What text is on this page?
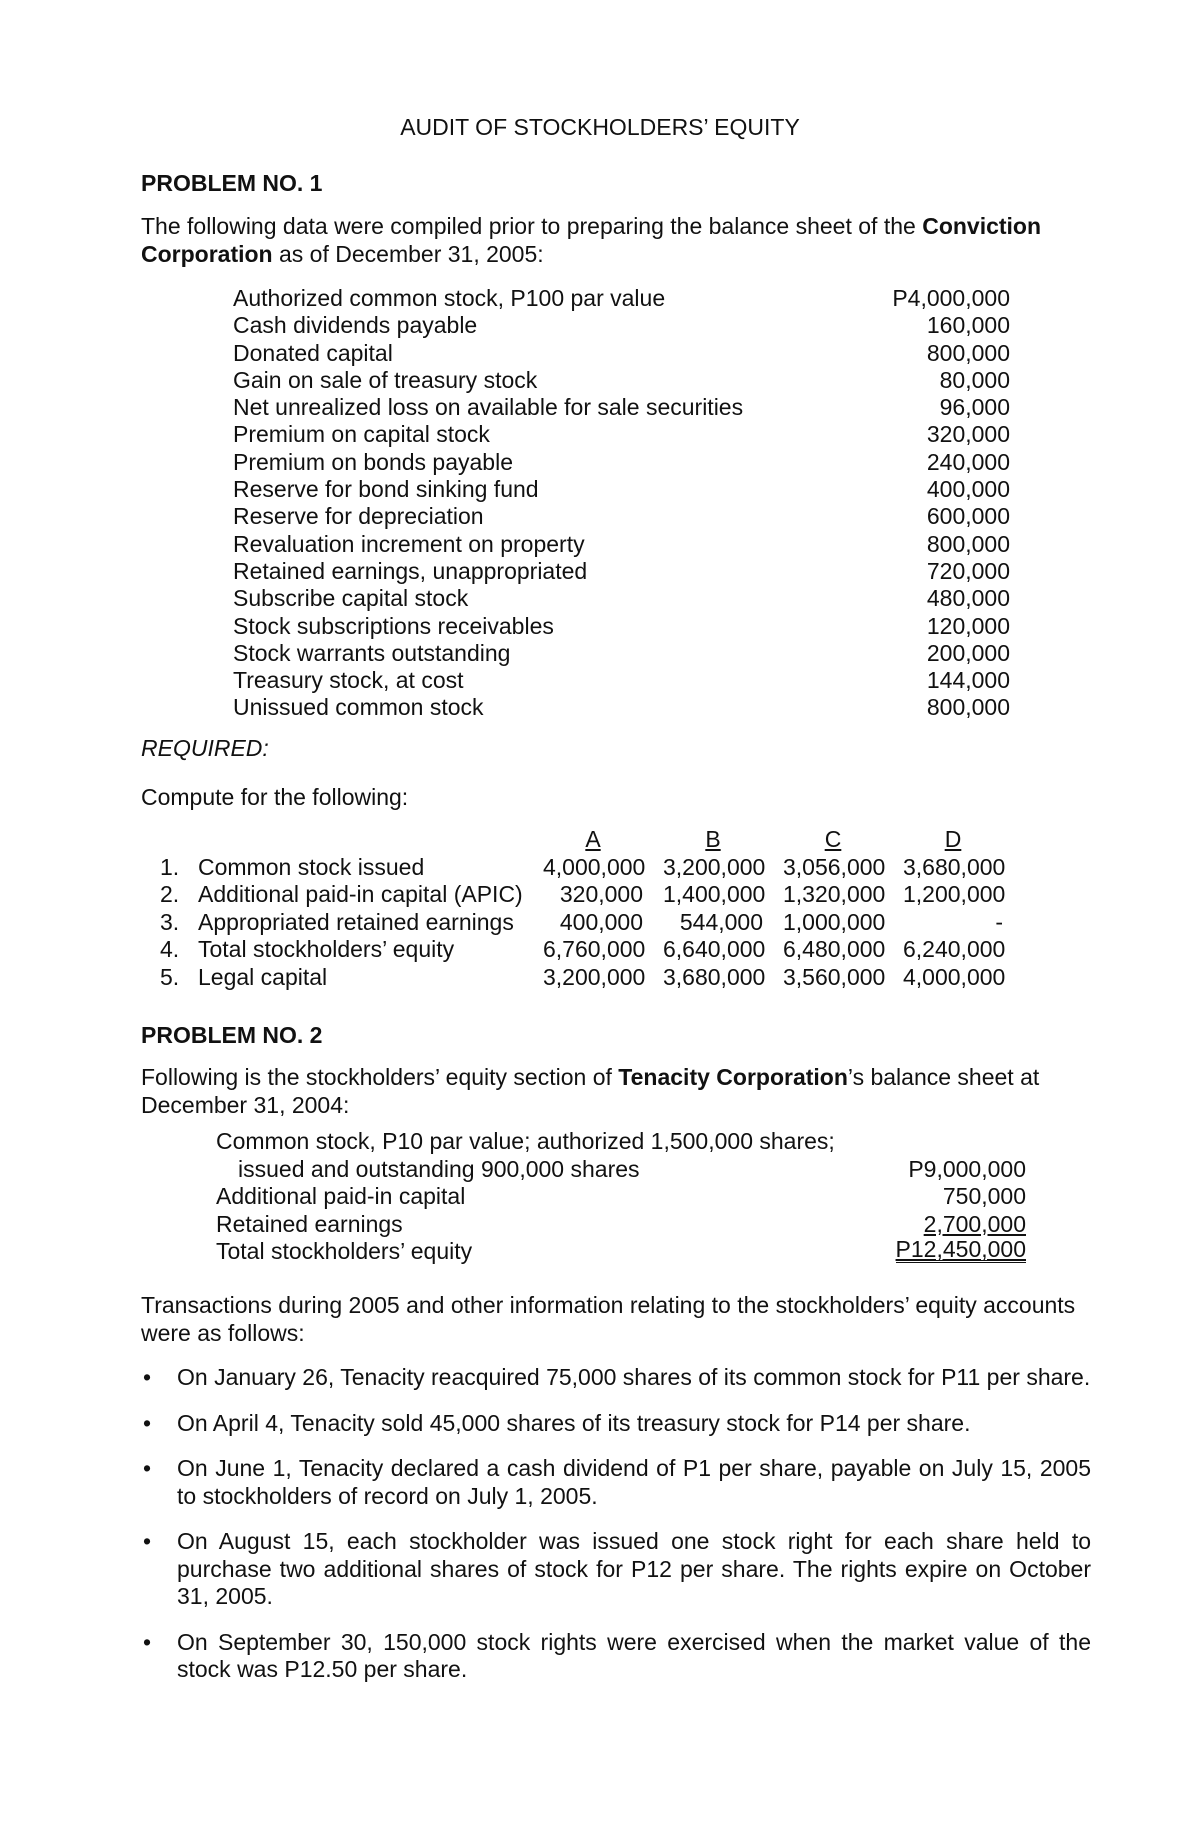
AUDIT OF STOCKHOLDERS’ EQUITY
PROBLEM NO. 1
The following data were compiled prior to preparing the balance sheet of the Conviction Corporation as of December 31, 2005:
Authorized common stock, P100 par value	P4,000,000
Cash dividends payable	160,000
Donated capital	800,000
Gain on sale of treasury stock	80,000
Net unrealized loss on available for sale securities	96,000
Premium on capital stock	320,000
Premium on bonds payable	240,000
Reserve for bond sinking fund	400,000
Reserve for depreciation	600,000
Revaluation increment on property	800,000
Retained earnings, unappropriated	720,000
Subscribe capital stock	480,000
Stock subscriptions receivables	120,000
Stock warrants outstanding	200,000
Treasury stock, at cost	144,000
Unissued common stock	800,000
REQUIRED:
Compute for the following:
A	B	C	D
1. Common stock issued	4,000,000 3,200,000 3,056,000 3,680,000
2. Additional paid-in capital (APIC)	320,000 1,400,000 1,320,000 1,200,000
3. Appropriated retained earnings	400,000	544,000 1,000,000	-
4. Total stockholders’ equity	6,760,000 6,640,000 6,480,000 6,240,000
5. Legal capital	3,200,000 3,680,000 3,560,000 4,000,000
PROBLEM NO. 2
Following is the stockholders’ equity section of Tenacity Corporation’s balance sheet at December 31, 2004:
Common stock, P10 par value; authorized 1,500,000 shares;
issued and outstanding 900,000 shares	P9,000,000
Additional paid-in capital	750,000
Retained earnings	2,700,000
Total stockholders’ equity	P12,450,000
Transactions during 2005 and other information relating to the stockholders’ equity accounts were as follows:
• On January 26, Tenacity reacquired 75,000 shares of its common stock for P11 per share.
• On April 4, Tenacity sold 45,000 shares of its treasury stock for P14 per share.
• On June 1, Tenacity declared a cash dividend of P1 per share, payable on July 15, 2005 to stockholders of record on July 1, 2005.
• On August 15, each stockholder was issued one stock right for each share held to purchase two additional shares of stock for P12 per share. The rights expire on October 31, 2005.
• On September 30, 150,000 stock rights were exercised when the market value of the stock was P12.50 per share.
